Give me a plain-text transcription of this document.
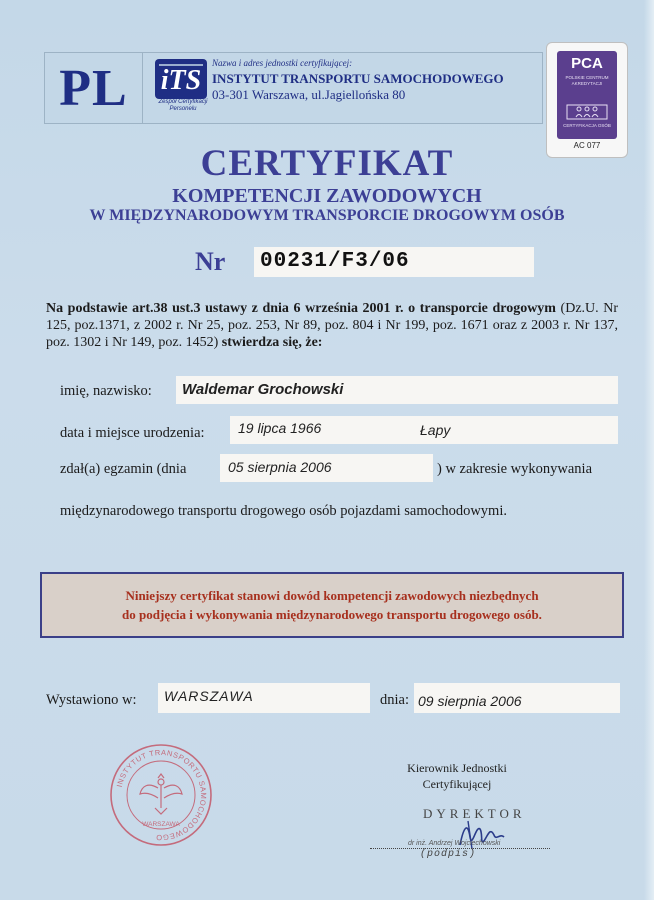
PL iTS
Zespół Certyfikacji Personelu
Nazwa i adres jednostki certyfikującej:
INSTYTUT TRANSPORTU SAMOCHODOWEGO
03-301 Warszawa, ul.Jagiellońska 80
PCA
POLSKIE CENTRUM AKREDYTACJI
CERTYFIKACJA OSÓB
AC 077
CERTYFIKAT
KOMPETENCJI ZAWODOWYCH
W MIĘDZYNARODOWYM TRANSPORCIE DROGOWYM OSÓB
Nr 00231/F3/06
Na podstawie art.38 ust.3 ustawy z dnia 6 września 2001 r. o transporcie drogowym (Dz.U. Nr 125, poz.1371, z 2002 r. Nr 25, poz. 253, Nr 89, poz. 804 i Nr 199, poz. 1671 oraz z 2003 r. Nr 137, poz. 1302 i Nr 149, poz. 1452) stwierdza się, że:
imię, nazwisko: Waldemar Grochowski
data i miejsce urodzenia: 19 lipca 1966	Łapy
zdał(a) egzamin (dnia	05 sierpnia 2006	) w zakresie wykonywania
międzynarodowego transportu drogowego osób pojazdami samochodowymi.
Niniejszy certyfikat stanowi dowód kompetencji zawodowych niezbędnych
do podjęcia i wykonywania międzynarodowego transportu drogowego osób.
Wystawiono w: WARSZAWA	dnia: 09 sierpnia 2006
INSTYTUT TRANSPORTU SAMOCHODOWEGO
WARSZAWA
Kierownik Jednostki
Certyfikującej
DYREKTOR
dr inż. Andrzej Wojciechowski
(podpis)
